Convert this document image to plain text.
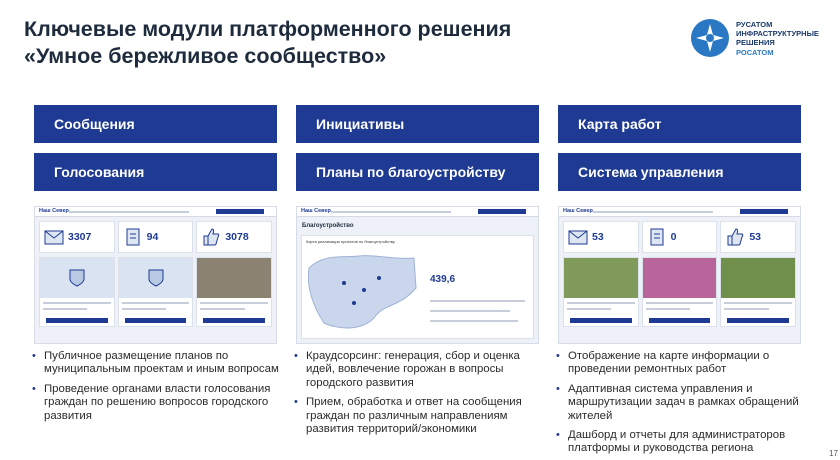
Ключевые модули платформенного решения
«Умное бережливое сообщество»
РУСАТОМ
ИНФРАСТРУКТУРНЫЕ
РЕШЕНИЯ
РОСАТОМ
Сообщения
Голосования
Инициативы
Планы по благоустройству
Карта работ
Система управления
Наш Север
3307	94	3078
Наш Север
Благоустройство
Карта реализации проектов по благоустройству
439,6
Наш Север
53	0	53
• Публичное размещение планов по муниципальным проектам и иным вопросам
• Проведение органами власти голосования граждан по решению вопросов городского развития
• Краудсорсинг: генерация, сбор и оценка идей, вовлечение горожан в вопросы городского развития
• Прием, обработка и ответ на сообщения граждан по различным направлениям развития территорий/экономики
• Отображение на карте информации о проведении ремонтных работ
• Адаптивная система управления и маршрутизации задач в рамках обращений жителей
• Дашборд и отчеты для администраторов платформы и руководства региона	17
